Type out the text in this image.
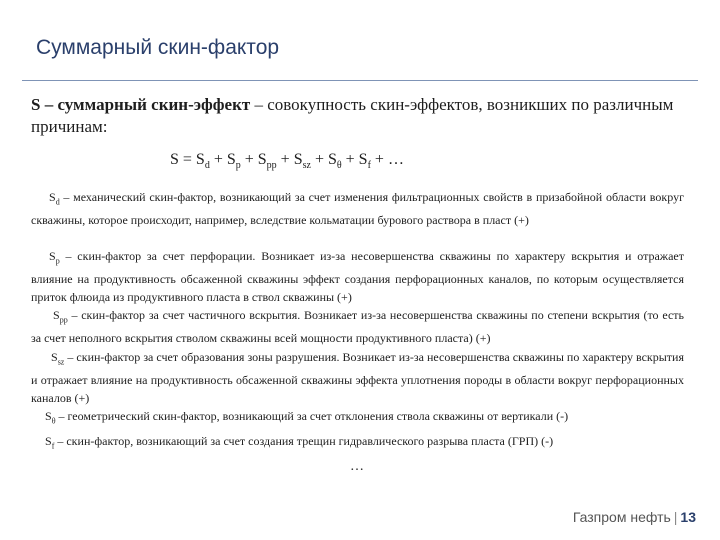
Суммарный скин-фактор
S – суммарный скин-эффект – совокупность скин-эффектов, возникших по различным причинам:
$S = S_d + S_p + S_{pp} + S_{sz} + S_\theta + S_f$ + …
$S_d$ – механический скин-фактор, возникающий за счет изменения фильтрационных свойств в призабойной области вокруг скважины, которое происходит, например, вследствие кольматации бурового раствора в пласт (+)
$S_p$ – скин-фактор за счет перфорации. Возникает из-за несовершенства скважины по характеру вскрытия и отражает влияние на продуктивность обсаженной скважины эффект создания перфорационных каналов, по которым осуществляется приток флюида из продуктивного пласта в ствол скважины (+)
$S_{pp}$ – скин-фактор за счет частичного вскрытия. Возникает из-за несовершенства скважины по степени вскрытия (то есть за счет неполного вскрытия стволом скважины всей мощности продуктивного пласта) (+)
$S_{sz}$ – скин-фактор за счет образования зоны разрушения. Возникает из-за несовершенства скважины по характеру вскрытия и отражает влияние на продуктивность обсаженной скважины эффекта уплотнения породы в области вокруг перфорационных каналов (+)
$S_\theta$ – геометрический скин-фактор, возникающий за счет отклонения ствола скважины от вертикали (-)
$S_f$ – скин-фактор, возникающий за счет создания трещин гидравлического разрыва пласта (ГРП) (-)
…
Газпром нефть | 13
